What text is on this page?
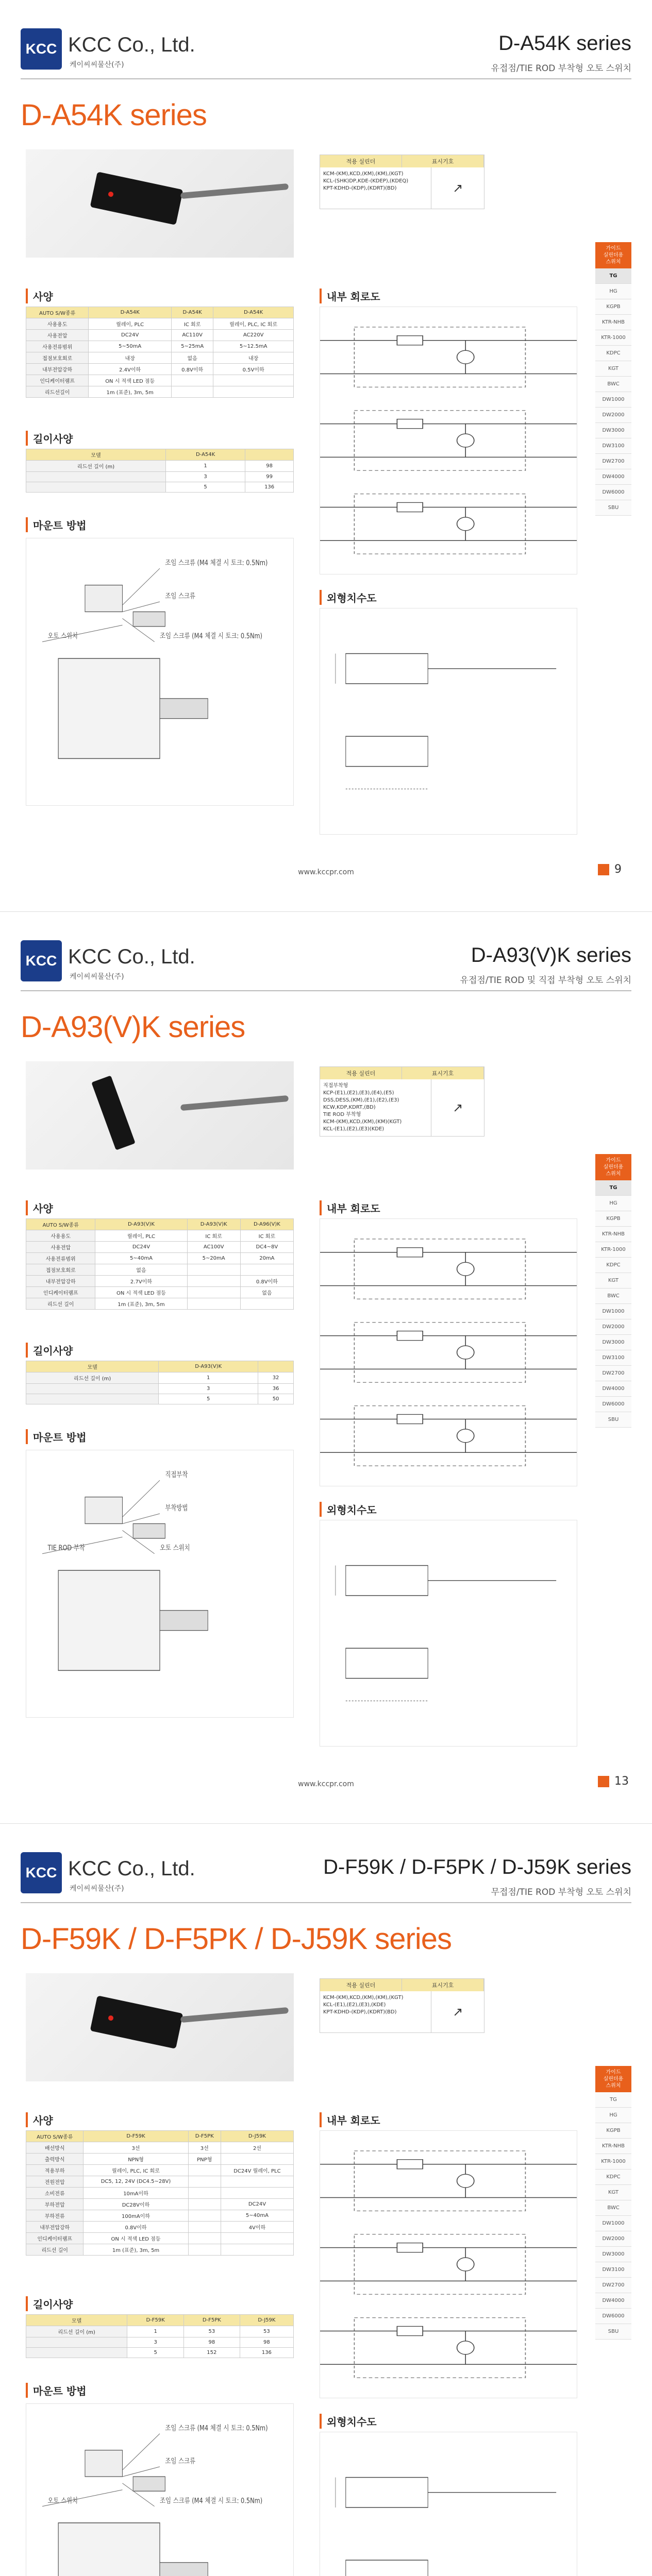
KCC KCC Co., Ltd.
케이씨씨물산(주)
D-A54K series
유접점/TIE ROD 부착형 오토 스위치
D-A54K series
적용 실린더	표시기호
KCM-(KM),KCD,(KM),(KM),(KGT)
KCL-(SHK)DP,KDE-(KDEP),(KDEQ)
KPT-KDHD-(KDP),(KDRT)(BD)	↗
가이드
실린더용
스위치
TG
HG
KGPB
KTR-NHB
KTR-1000
KDPC
KGT
BWC
DW1000
DW2000
DW3000
DW3100
DW2700
DW4000
DW6000
SBU
사양
AUTO S/W종류	D-A54K	D-A54K	D-A54K
사용용도	릴레이, PLC	IC 회로	릴레이, PLC, IC 회로
사용전압	DC24V	AC110V	AC220V
사용전류범위	5~50mA	5~25mA	5~12.5mA
접점보호회로	내장	없음	내장
내부전압강하	2.4V이하	0.8V이하	0.5V이하
인디케이터램프	ON 시 적색 LED 점등		
리드선길이	1m (표준), 3m, 5m		
길이사양
모델	D-A54K	
리드선 길이 (m)	1	98
	3	99
	5	136
마운트 방법
조임 스크류 (M4 체결 시 토크: 0.5Nm)
조임 스크류
조임 스크류 (M4 체결 시 토크: 0.5Nm)
오토 스위치
내부 회로도
외형치수도
www.kccpr.com	9
KCC KCC Co., Ltd.
케이씨씨물산(주)
D-A93(V)K series
유접점/TIE ROD 및 직접 부착형 오토 스위치
D-A93(V)K series
적용 실린더	표시기호
직접부착형
KCP-(E1),(E2),(E3),(E4),(E5)
DSS,DESS,(KM),(E1),(E2),(E3)
KCW,KDP,KDRT,(BD)
TIE ROD 부착형
KCM-(KM),KCD,(KM),(KM)(KGT)
KCL-(E1),(E2),(E3)(KDE)
↗
가이드
실린더용
스위치
TG
HG
KGPB
KTR-NHB
KTR-1000
KDPC
KGT
BWC
DW1000
DW2000
DW3000
DW3100
DW2700
DW4000
DW6000
SBU
사양
AUTO S/W종류	D-A93(V)K	D-A93(V)K	D-A96(V)K
사용용도	릴레이, PLC	IC 회로	IC 회로
사용전압	DC24V	AC100V	DC4~8V
사용전류범위	5~40mA	5~20mA	20mA
접점보호회로	없음		
내부전압강하	2.7V이하		0.8V이하
인디케이터램프	ON 시 적색 LED 점등		없음
리드선 길이	1m (표준), 3m, 5m		
길이사양
모델	D-A93(V)K	
리드선 길이 (m)	1	32
	3	36
	5	50
마운트 방법
직접부착
부착방법
오토 스위치
TIE ROD 부착
내부 회로도
외형치수도
www.kccpr.com	13
KCC KCC Co., Ltd.
케이씨씨물산(주)
D-F59K / D-F5PK / D-J59K series
무접점/TIE ROD 부착형 오토 스위치
D-F59K / D-F5PK / D-J59K series
적용 실린더	표시기호
KCM-(KM),KCD,(KM),(KM),(KGT)
KCL-(E1),(E2),(E3),(KDE)
KPT-KDHD-(KDP),(KDRT)(BD)	↗
가이드
실린더용
스위치
TG
HG
KGPB
KTR-NHB
KTR-1000
KDPC
KGT
BWC
DW1000
DW2000
DW3000
DW3100
DW2700
DW4000
DW6000
SBU
사양
AUTO S/W종류	D-F59K	D-F5PK	D-J59K
배선방식	3선	3선	2선
출력방식	NPN형	PNP형	
적용부하	릴레이, PLC, IC 회로		DC24V 릴레이, PLC
전원전압	DC5, 12, 24V (DC4.5~28V)		
소비전류	10mA이하		
부하전압	DC28V이하		DC24V
부하전류	100mA이하		5~40mA
내부전압강하	0.8V이하		4V이하
인디케이터램프	ON 시 적색 LED 점등		
리드선 길이	1m (표준), 3m, 5m		
길이사양
모델	D-F59K	D-F5PK	D-J59K
리드선 길이 (m)	1	53	53
	3	98	98
	5	152	136
마운트 방법
조임 스크류 (M4 체결 시 토크: 0.5Nm)
조임 스크류
조임 스크류 (M4 체결 시 토크: 0.5Nm)
오토 스위치
내부 회로도
외형치수도
